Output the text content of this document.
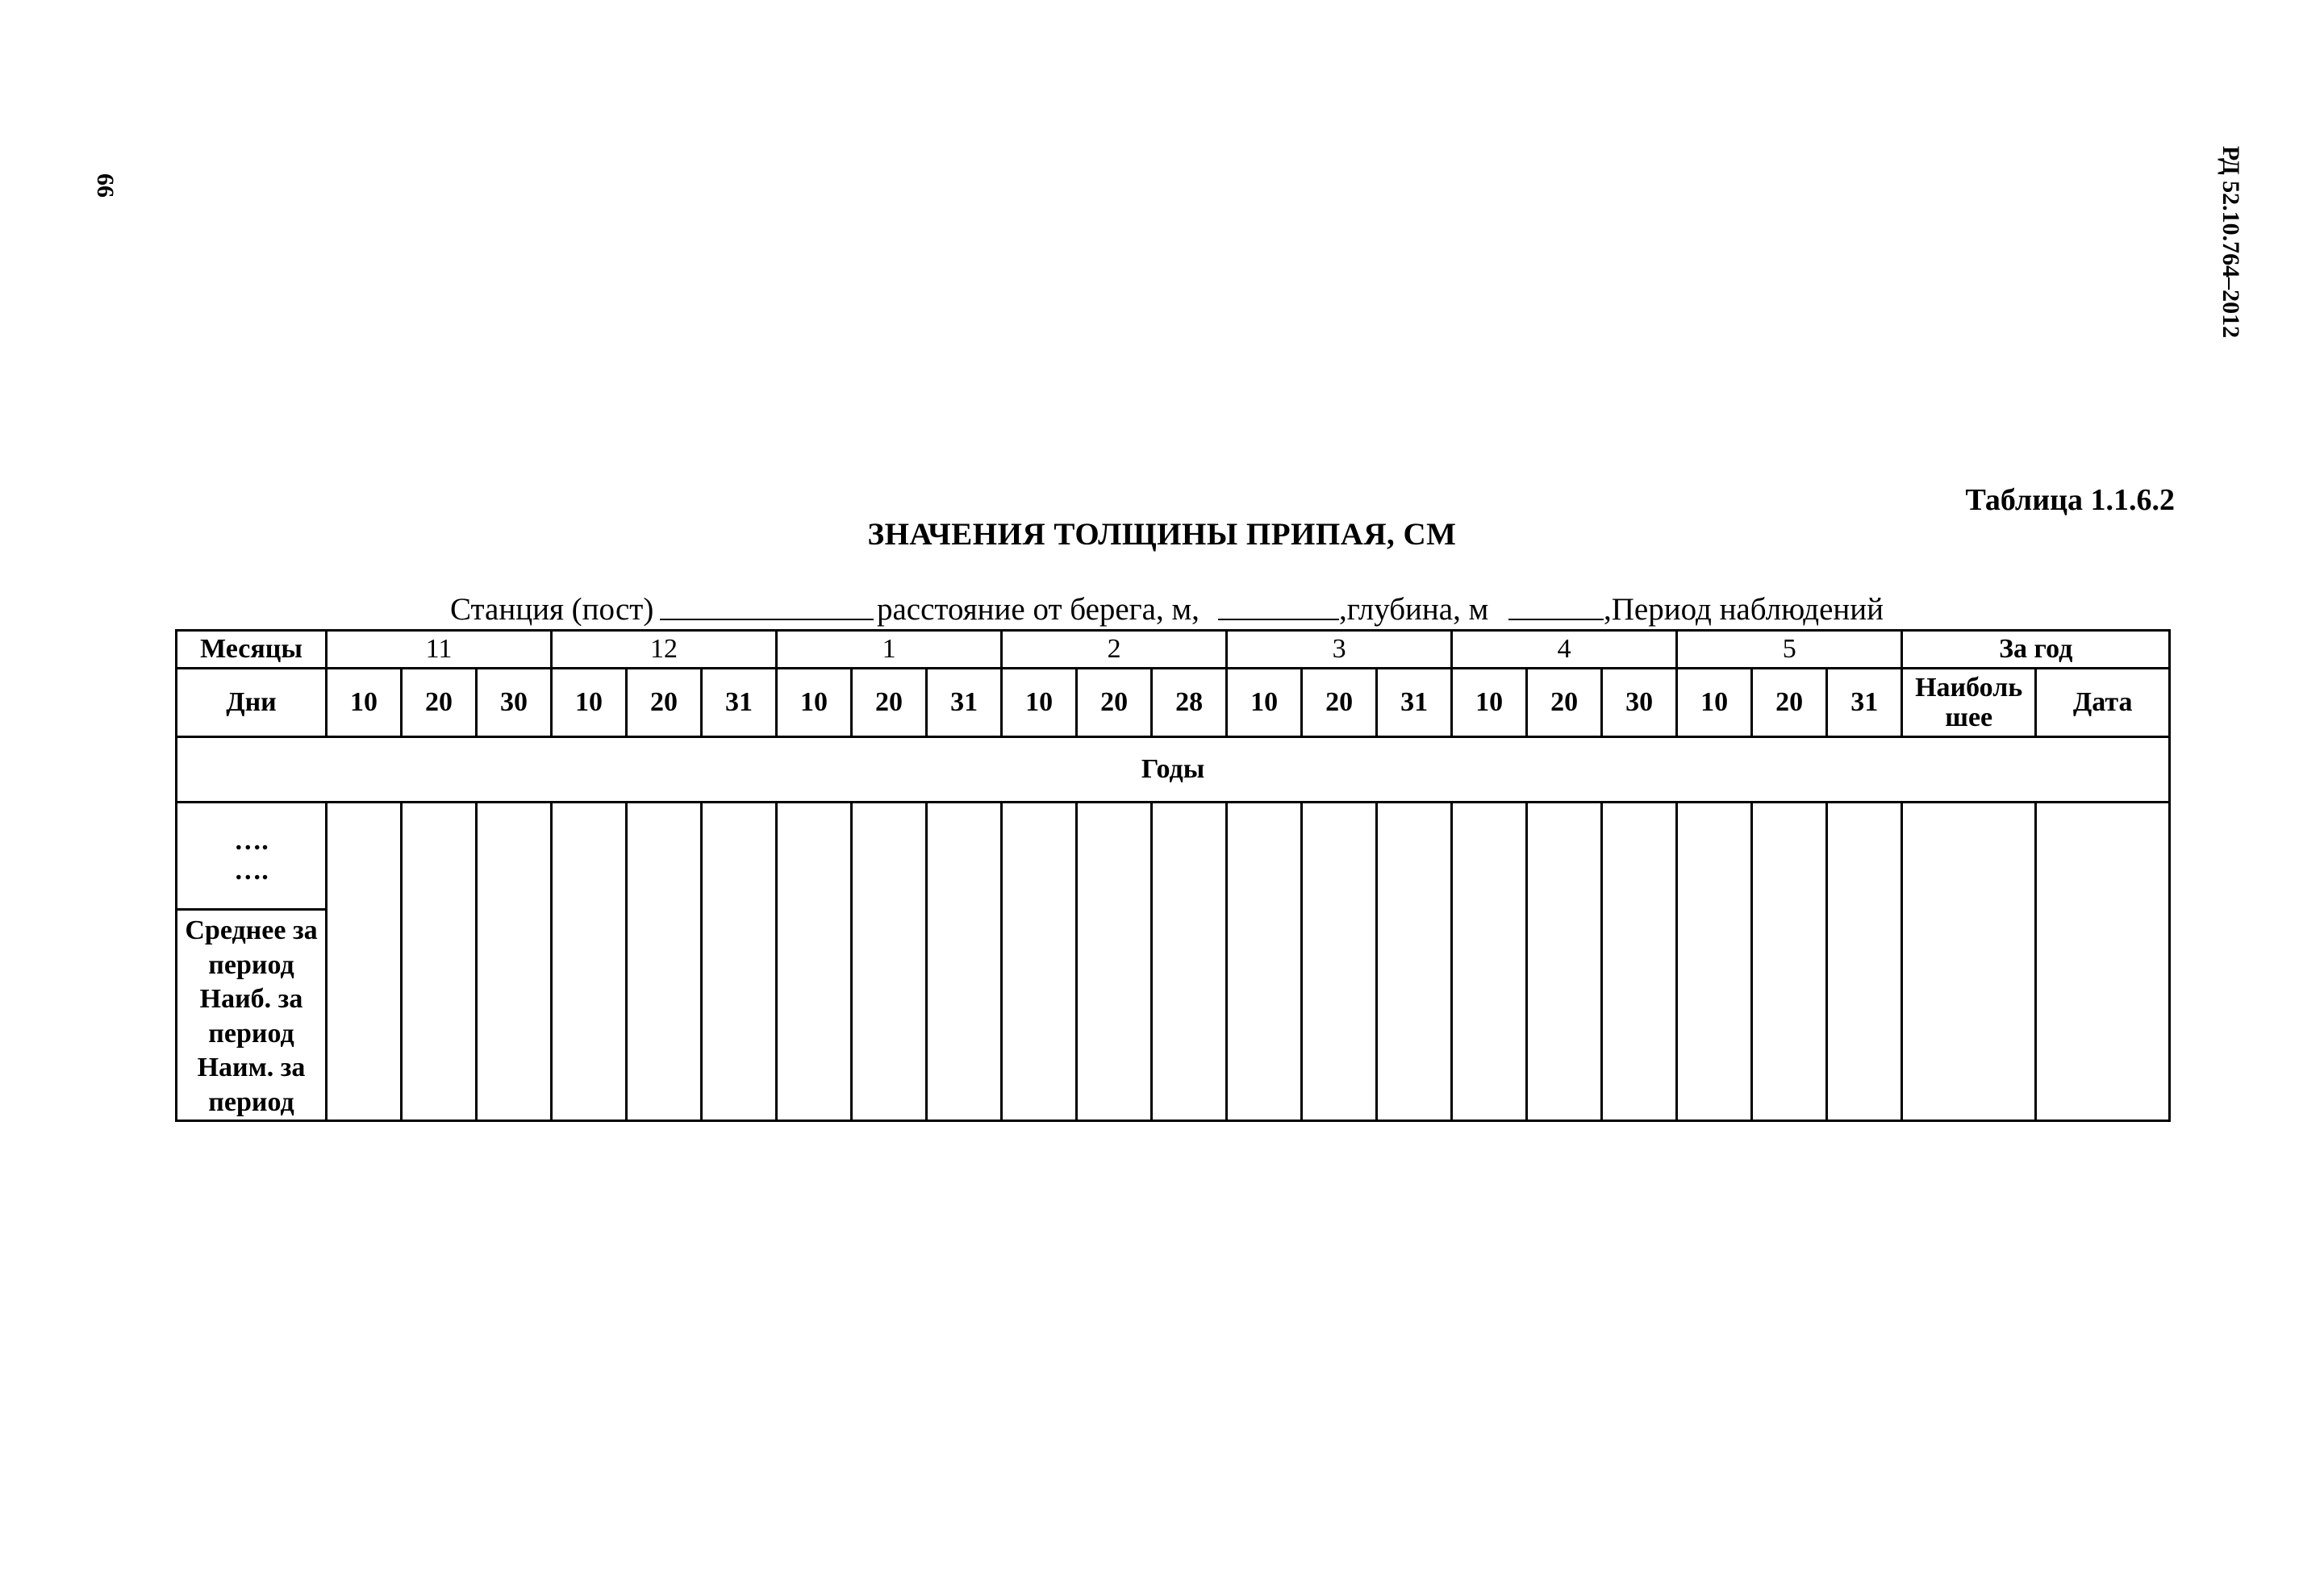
66	РД 52.10.764–2012
Таблица 1.1.6.2
ЗНАЧЕНИЯ ТОЛЩИНЫ ПРИПАЯ, СМ
Станция (пост)	расстояние от берега, м,	,глубина, м	,Период наблюдений
Месяцы	11			12			1			2			3			4			5			За год	
Дни	10	20	30	10	20	31	10	20	31	10	20	28	10	20	31	10	20	30	10	20	31	Наиболь шее	Дата
Годы																							

….
….
Среднее за период
Наиб. за период
Наим. за период																							
